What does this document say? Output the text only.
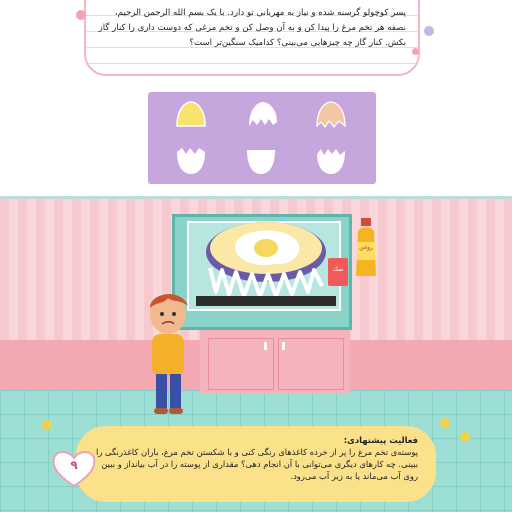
پسر کوچولو گرسنه شده و نیاز به مهربانی تو دارد. با یک بسم الله الرحمن الرحیم، نصفه هر تخم مرغ را پیدا کن و به آن وصل کن و تخم مرغی که دوست داری را کنار گاز بکش. کنار گاز چه چیزهایی می‌بینی؟ کدامیک سنگین‌تر است؟
روغن
نمک
فعالیت پیشنهادی:
پوسته‌ی تخم مرغ را پر از خرده کاغذهای رنگی کنی و با شکستن تخم مرغ، باران کاغذرنگی را ببینی. چه کارهای دیگری می‌توانی با آن انجام دهی؟ مقداری از پوسته را در آب بیانداز و ببین روی آب می‌ماند یا به زیر آب می‌رود.
۹
